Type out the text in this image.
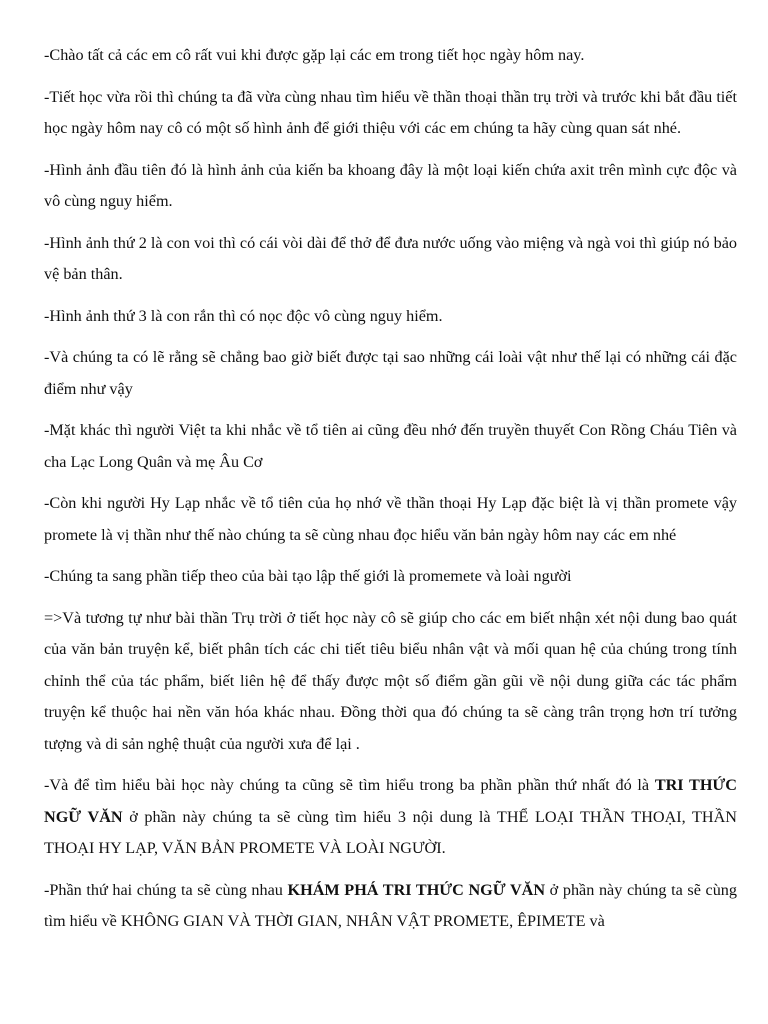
-Chào tất cả các em cô rất vui khi được gặp lại các em trong tiết học ngày hôm nay.

-Tiết học vừa rồi thì chúng ta đã vừa cùng nhau tìm hiểu về thần thoại thần trụ trời và trước khi bắt đầu tiết học ngày hôm nay cô có một số hình ảnh để giới thiệu với các em chúng ta hãy cùng quan sát nhé.

-Hình ảnh đầu tiên đó là hình ảnh của kiến ba khoang đây là một loại kiến chứa axit trên mình cực độc và vô cùng nguy hiểm.

-Hình ảnh thứ 2 là con voi thì có cái vòi dài để thở để đưa nước uống vào miệng và ngà voi thì giúp nó bảo vệ bản thân.

-Hình ảnh thứ 3 là con rắn thì có nọc độc vô cùng nguy hiểm.

-Và chúng ta có lẽ rằng sẽ chẳng bao giờ biết được tại sao những cái loài vật như thế lại có những cái đặc điểm như vậy

-Mặt khác thì người Việt ta khi nhắc về tổ tiên ai cũng đều nhớ đến truyền thuyết Con Rồng Cháu Tiên và cha Lạc Long Quân và mẹ Âu Cơ

-Còn khi người Hy Lạp nhắc về tổ tiên của họ nhớ về thần thoại Hy Lạp đặc biệt là vị thần promete vậy promete là vị thần như thế nào chúng ta sẽ cùng nhau đọc hiểu văn bản ngày hôm nay các em nhé

-Chúng ta sang phần tiếp theo của bài tạo lập thế giới là promemete và loài người

=>Và tương tự như bài thần Trụ trời ở tiết học này cô sẽ giúp cho các em biết nhận xét nội dung bao quát của văn bản truyện kể, biết phân tích các chi tiết tiêu biểu nhân vật và mối quan hệ của chúng trong tính chỉnh thể của tác phẩm, biết liên hệ để thấy được một số điểm gần gũi về nội dung giữa các tác phẩm truyện kể thuộc hai nền văn hóa khác nhau. Đồng thời qua đó chúng ta sẽ càng trân trọng hơn trí tưởng tượng và di sản nghệ thuật của người xưa để lại .

-Và để tìm hiểu bài học này chúng ta cũng sẽ tìm hiểu trong ba phần phần thứ nhất đó là TRI THỨC NGỮ VĂN ở phần này chúng ta sẽ cùng tìm hiểu 3 nội dung là THỂ LOẠI THẦN THOẠI, THẦN THOẠI HY LẠP, VĂN BẢN PROMETE VÀ LOÀI NGƯỜI.

-Phần thứ hai chúng ta sẽ cùng nhau KHÁM PHÁ TRI THỨC NGỮ VĂN ở phần này chúng ta sẽ cùng tìm hiểu về KHÔNG GIAN VÀ THỜI GIAN, NHÂN VẬT PROMETE, ÊPIMETE và
